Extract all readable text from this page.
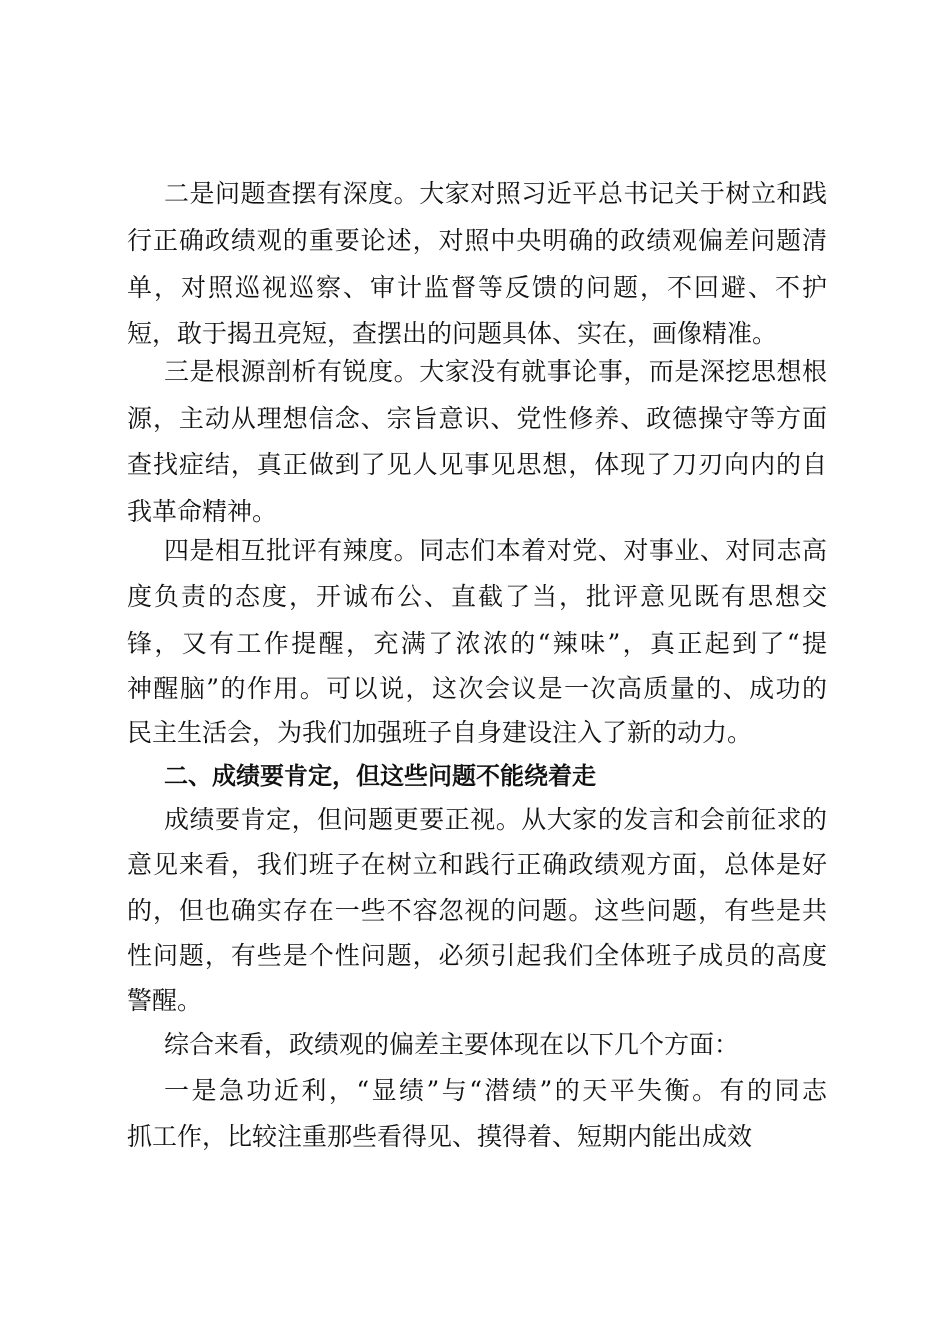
二是问题查摆有深度。大家对照习近平总书记关于树立和践
行正确政绩观的重要论述，对照中央明确的政绩观偏差问题清
单，对照巡视巡察、审计监督等反馈的问题，不回避、不护
短，敢于揭丑亮短，查摆出的问题具体、实在，画像精准。
三是根源剖析有锐度。大家没有就事论事，而是深挖思想根
源，主动从理想信念、宗旨意识、党性修养、政德操守等方面
查找症结，真正做到了见人见事见思想，体现了刀刃向内的自
我革命精神。
四是相互批评有辣度。同志们本着对党、对事业、对同志高
度负责的态度，开诚布公、直截了当，批评意见既有思想交
锋，又有工作提醒，充满了浓浓的“辣味”，真正起到了“提
神醒脑”的作用。可以说，这次会议是一次高质量的、成功的
民主生活会，为我们加强班子自身建设注入了新的动力。
二、成绩要肯定，但这些问题不能绕着走
成绩要肯定，但问题更要正视。从大家的发言和会前征求的
意见来看，我们班子在树立和践行正确政绩观方面，总体是好
的，但也确实存在一些不容忽视的问题。这些问题，有些是共
性问题，有些是个性问题，必须引起我们全体班子成员的高度
警醒。
综合来看，政绩观的偏差主要体现在以下几个方面：
一是急功近利，“显绩”与“潜绩”的天平失衡。有的同志
抓工作，比较注重那些看得见、摸得着、短期内能出成效
